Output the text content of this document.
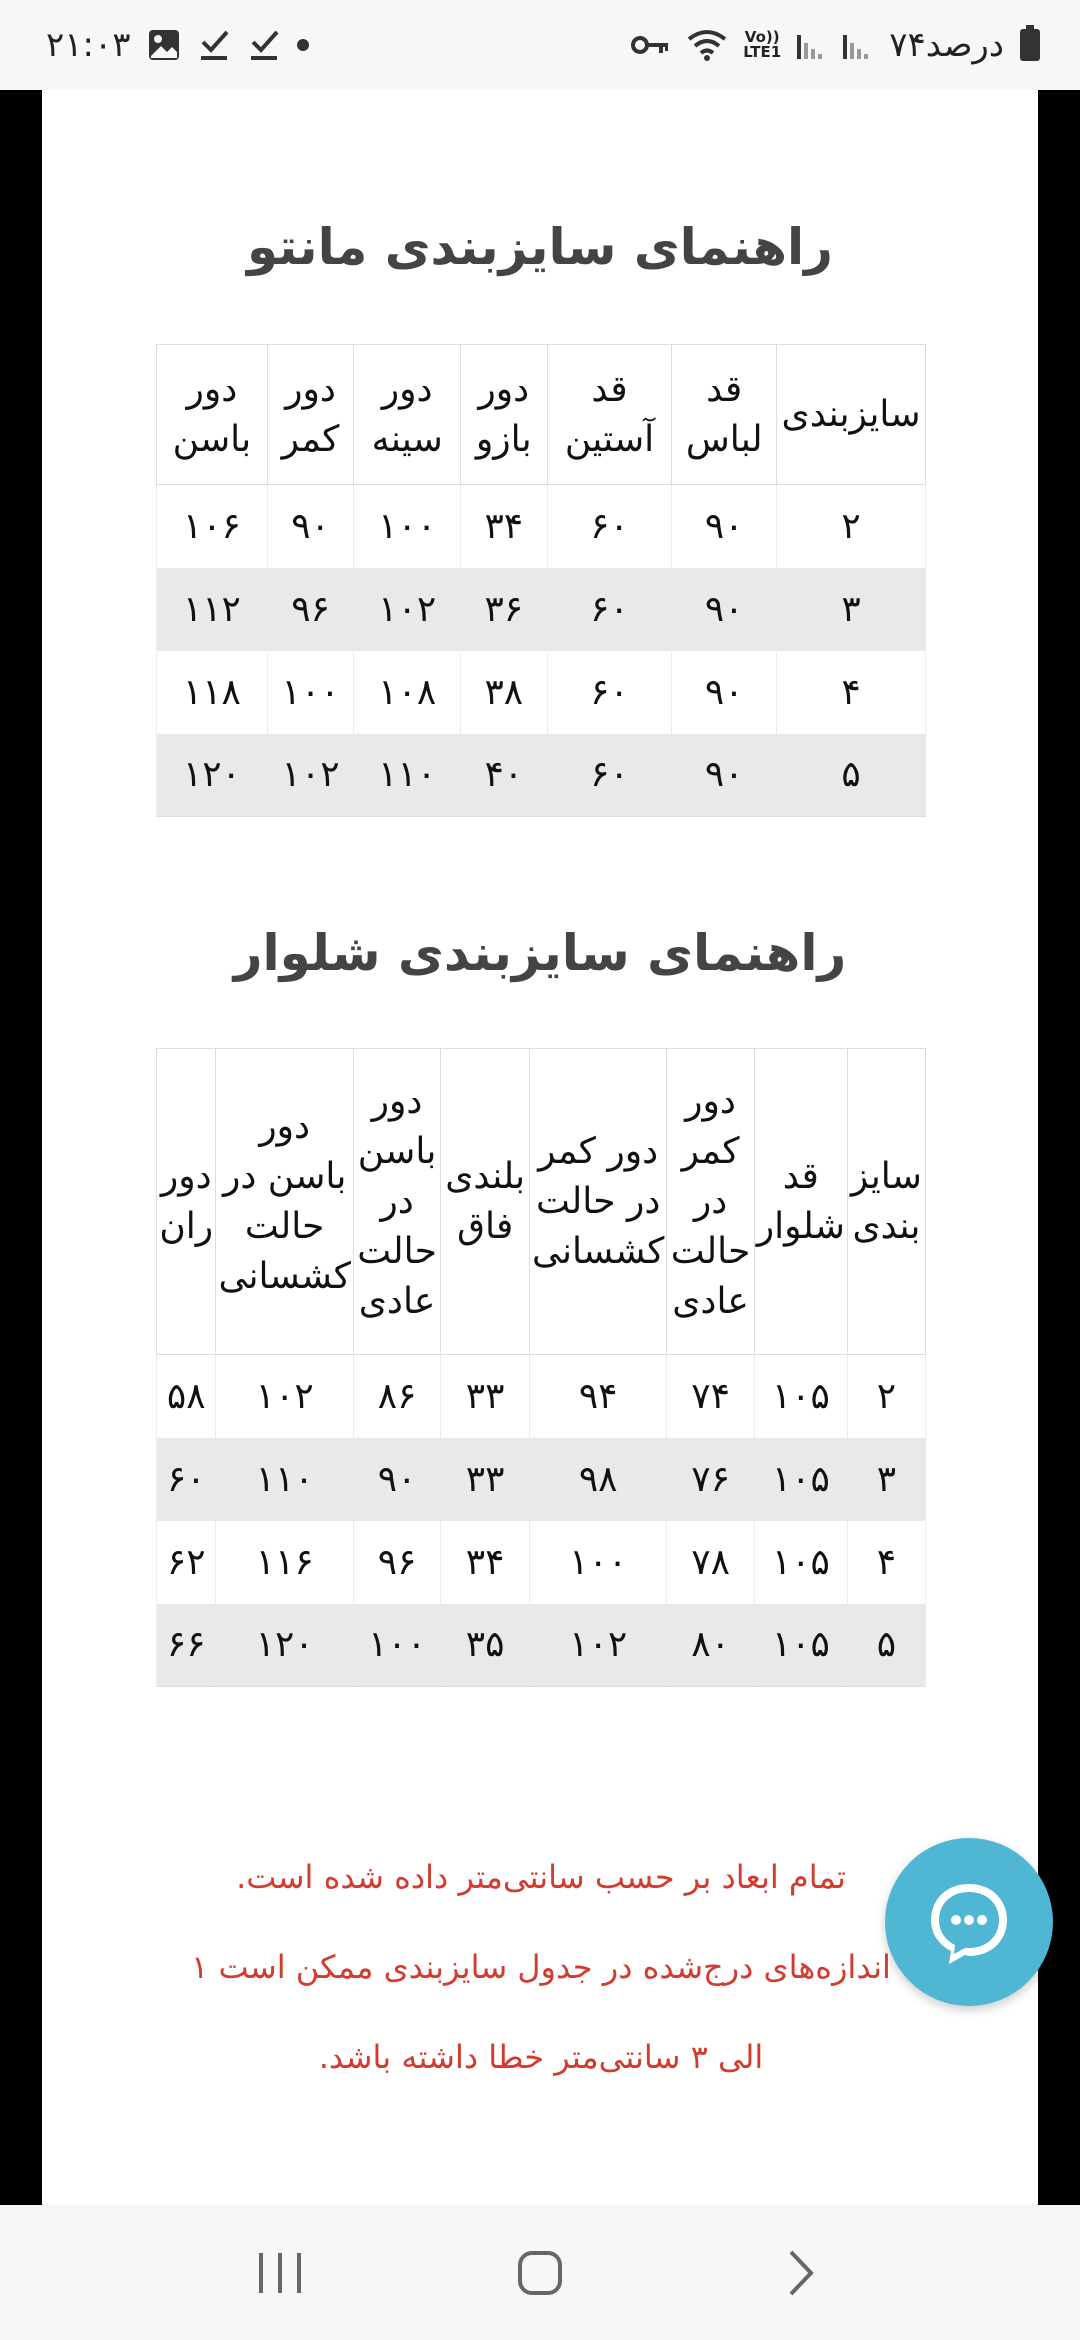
۲۱:۰۳	Vo))
LTE1	۷۴درصد
راهنمای سایزبندی مانتو
سایزبندی	قد لباس	قد آستین	دور بازو	دور سینه	دور کمر	دور باسن
۲	۹۰	۶۰	۳۴	۱۰۰	۹۰	۱۰۶
۳	۹۰	۶۰	۳۶	۱۰۲	۹۶	۱۱۲
۴	۹۰	۶۰	۳۸	۱۰۸	۱۰۰	۱۱۸
۵	۹۰	۶۰	۴۰	۱۱۰	۱۰۲	۱۲۰
راهنمای سایزبندی شلوار
سایز بندی	قد شلوار	دور کمر در حالت عادی	دور کمر در حالت کشسانی	بلندی فاق	دور باسن در حالت عادی	دور باسن در حالت کشسانی	دور ران
۲	۱۰۵	۷۴	۹۴	۳۳	۸۶	۱۰۲	۵۸
۳	۱۰۵	۷۶	۹۸	۳۳	۹۰	۱۱۰	۶۰
۴	۱۰۵	۷۸	۱۰۰	۳۴	۹۶	۱۱۶	۶۲
۵	۱۰۵	۸۰	۱۰۲	۳۵	۱۰۰	۱۲۰	۶۶
تمام ابعاد بر حسب سانتی‌متر داده شده است.
اندازه‌های درج‌شده در جدول سایزبندی ممکن است ۱
الی ۳ سانتی‌متر خطا داشته باشد.
